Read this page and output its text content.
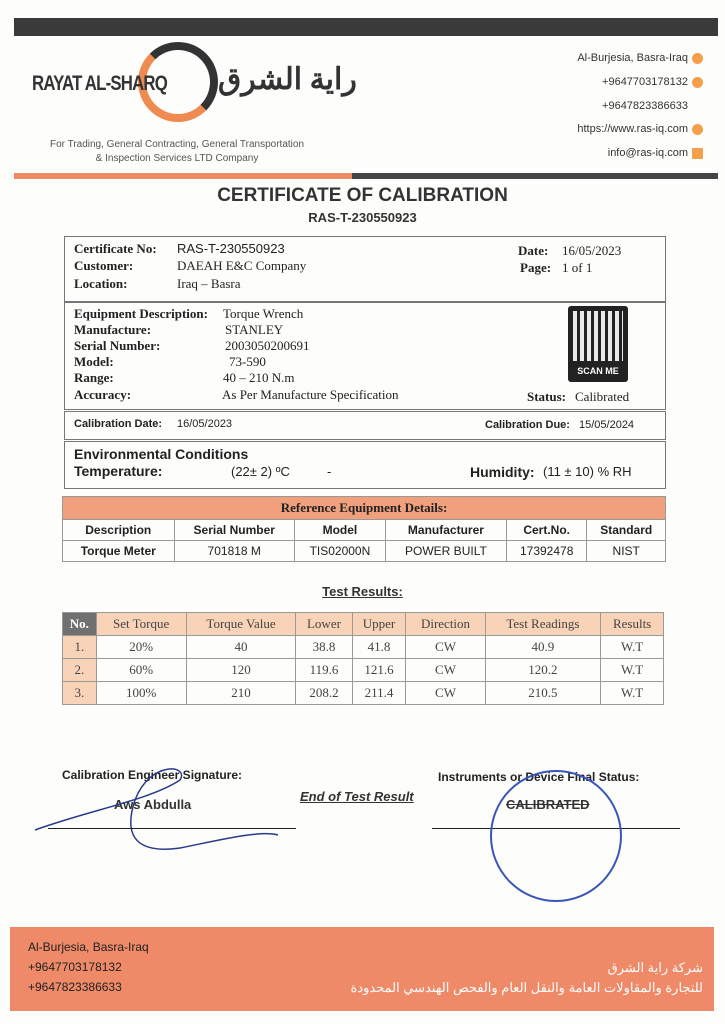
RAYAT AL-SHARQ راية الشرق
For Trading, General Contracting, General Transportation
& Inspection Services LTD Company
Al-Burjesia, Basra-Iraq
+9647703178132
+9647823386633
https://www.ras-iq.com
info@ras-iq.com
CERTIFICATE OF CALIBRATION
RAS-T-230550923
Certificate No: RAS-T-230550923
Customer:	DAEAH E&C Company
Location:	Iraq – Basra
Date: 16/05/2023
Page: 1 of 1
Equipment Description: Torque Wrench
Manufacture:	STANLEY
Serial Number:	2003050200691
Model:	73-590
Range:	40 – 210 N.m
Accuracy:	As Per Manufacture Specification	Status: Calibrated
SCAN ME
Calibration Date: 16/05/2023	Calibration Due: 15/05/2024
Environmental Conditions
Temperature:	(22± 2) ºC	-	Humidity: (11 ± 10) % RH
Reference Equipment Details:					
Description	Serial Number	Model	Manufacturer	Cert.No.	Standard
Torque Meter	701818 M	TIS02000N	POWER BUILT	17392478	NIST
Test Results:
No.	Set Torque	Torque Value	Lower	Upper	Direction	Test Readings	Results
1.	20%	40	38.8	41.8	CW	40.9	W.T
2.	60%	120	119.6	121.6	CW	120.2	W.T
3.	100%	210	208.2	211.4	CW	210.5	W.T
Calibration Engineer Signature:
Aws Abdulla
End of Test Result
Instruments or Device Final Status:
CALIBRATED
Al-Burjesia, Basra-Iraq
+9647703178132
+9647823386633
شركة راية الشرق
للتجارة والمقاولات العامة والنقل العام والفحص الهندسي المحدودة
